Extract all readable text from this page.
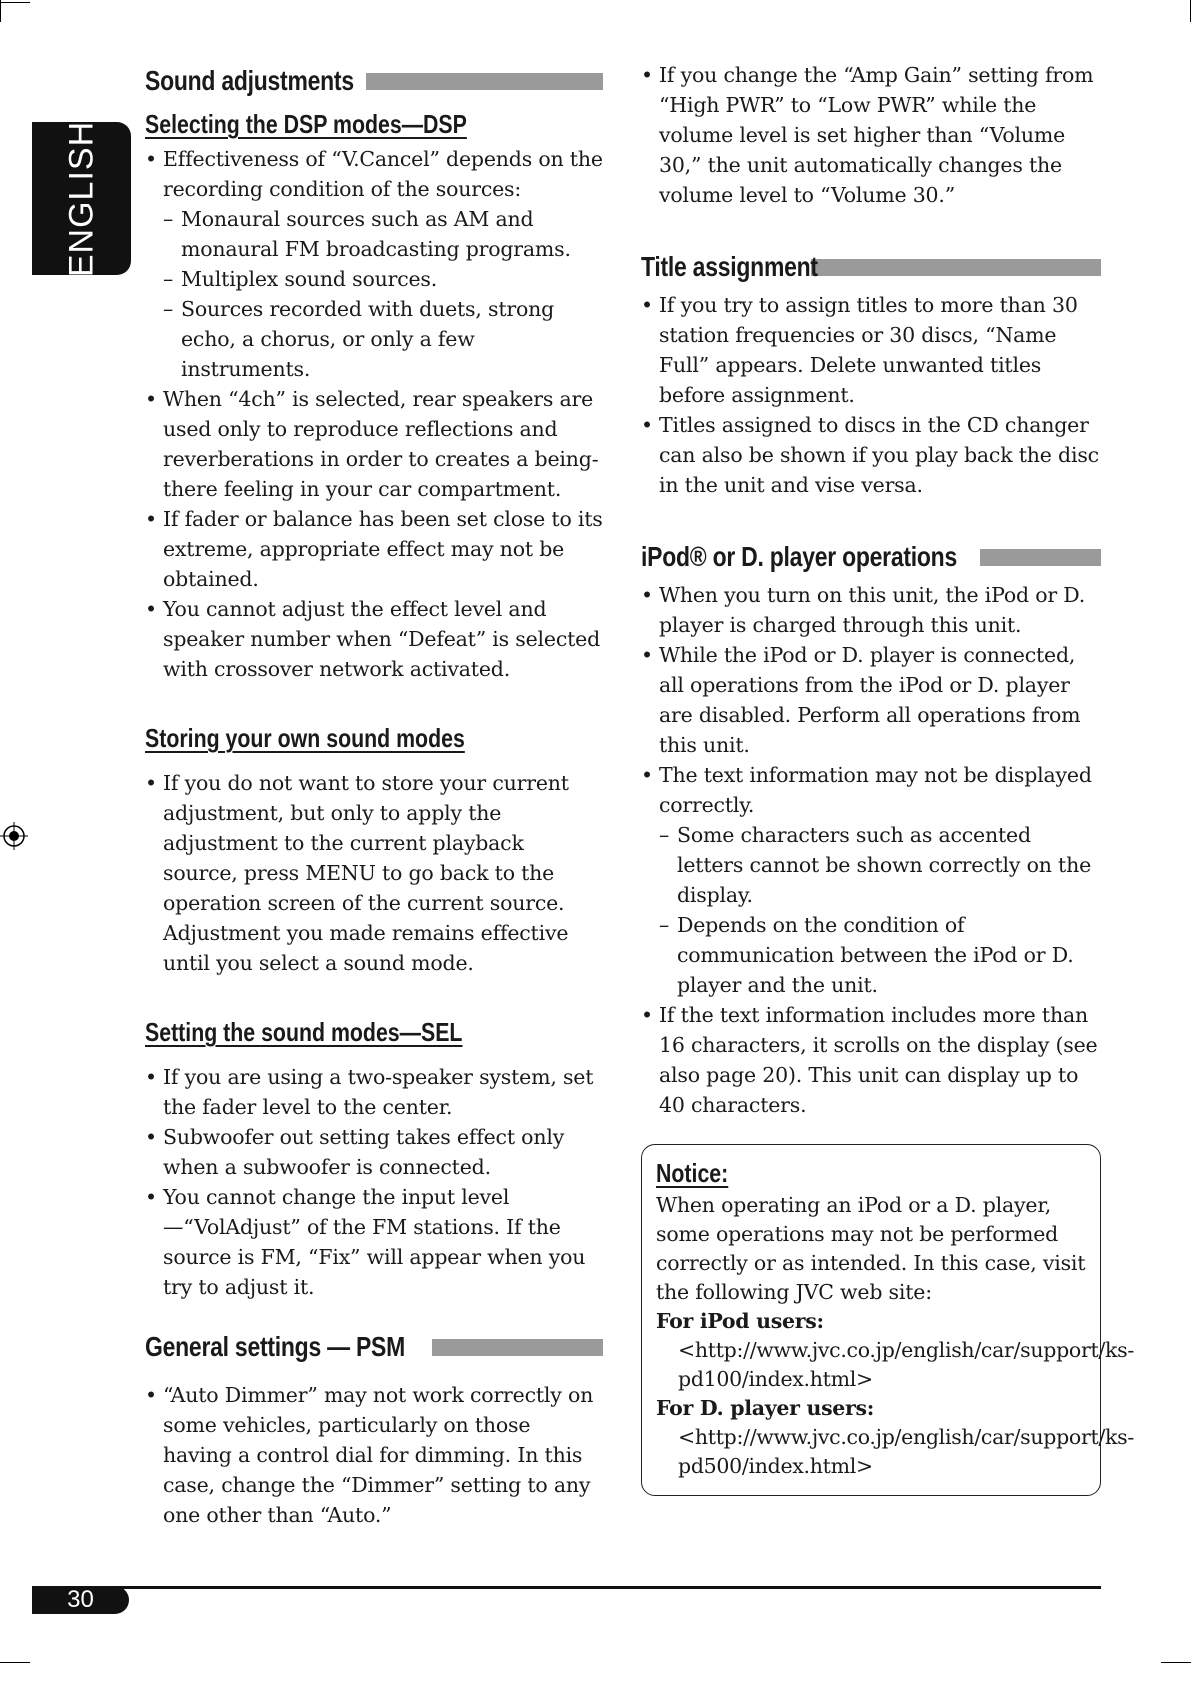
ENGLISH
Sound adjustments
Selecting the DSP modes—DSP
• Effectiveness of “V.Cancel” depends on the recording condition of the sources:
– Monaural sources such as AM and monaural FM broadcasting programs.
– Multiplex sound sources.
– Sources recorded with duets, strong echo, a chorus, or only a few instruments.
• When “4ch” is selected, rear speakers are used only to reproduce reflections and reverberations in order to creates a being-there feeling in your car compartment.
• If fader or balance has been set close to its extreme, appropriate effect may not be obtained.
• You cannot adjust the effect level and speaker number when “Defeat” is selected with crossover network activated.
Storing your own sound modes
• If you do not want to store your current adjustment, but only to apply the adjustment to the current playback source, press MENU to go back to the operation screen of the current source. Adjustment you made remains effective until you select a sound mode.
Setting the sound modes—SEL
• If you are using a two-speaker system, set the fader level to the center.
• Subwoofer out setting takes effect only when a subwoofer is connected.
• You cannot change the input level—“VolAdjust” of the FM stations. If the source is FM, “Fix” will appear when you try to adjust it.
General settings — PSM
• “Auto Dimmer” may not work correctly on some vehicles, particularly on those having a control dial for dimming. In this case, change the “Dimmer” setting to any one other than “Auto.”
• If you change the “Amp Gain” setting from “High PWR” to “Low PWR” while the volume level is set higher than “Volume 30,” the unit automatically changes the volume level to “Volume 30.”
Title assignment
• If you try to assign titles to more than 30 station frequencies or 30 discs, “Name Full” appears. Delete unwanted titles before assignment.
• Titles assigned to discs in the CD changer can also be shown if you play back the disc in the unit and vise versa.
iPod® or D. player operations
• When you turn on this unit, the iPod or D. player is charged through this unit.
• While the iPod or D. player is connected, all operations from the iPod or D. player are disabled. Perform all operations from this unit.
• The text information may not be displayed correctly.
– Some characters such as accented letters cannot be shown correctly on the display.
– Depends on the condition of communication between the iPod or D. player and the unit.
• If the text information includes more than 16 characters, it scrolls on the display (see also page 20). This unit can display up to 40 characters.
Notice:
When operating an iPod or a D. player, some operations may not be performed correctly or as intended. In this case, visit the following JVC web site:
For iPod users: <http://www.jvc.co.jp/english/car/support/ks-pd100/index.html>
For D. player users: <http://www.jvc.co.jp/english/car/support/ks-pd500/index.html>
30
